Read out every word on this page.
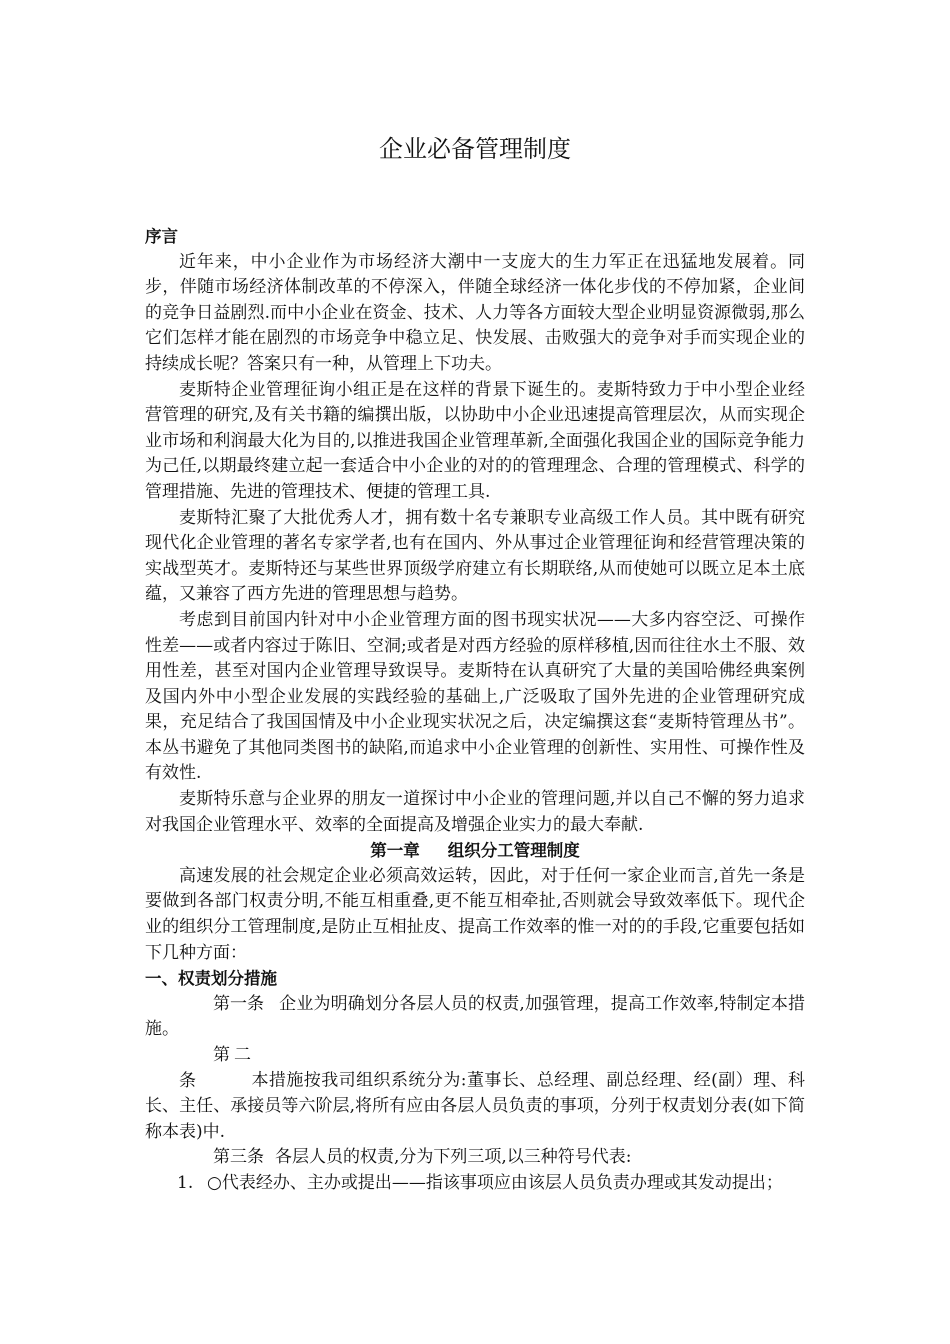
企业必备管理制度

序言

近年来，中小企业作为市场经济大潮中一支庞大的生力军正在迅猛地发展着。同步，伴随市场经济体制改革的不停深入，伴随全球经济一体化步伐的不停加紧，企业间的竞争日益剧烈.而中小企业在资金、技术、人力等各方面较大型企业明显资源微弱,那么它们怎样才能在剧烈的市场竞争中稳立足、快发展、击败强大的竞争对手而实现企业的持续成长呢？答案只有一种，从管理上下功夫。

麦斯特企业管理征询小组正是在这样的背景下诞生的。麦斯特致力于中小型企业经营管理的研究,及有关书籍的编撰出版，以协助中小企业迅速提高管理层次，从而实现企业市场和利润最大化为目的,以推进我国企业管理革新,全面强化我国企业的国际竞争能力为己任,以期最终建立起一套适合中小企业的对的的管理理念、合理的管理模式、科学的管理措施、先进的管理技术、便捷的管理工具.

麦斯特汇聚了大批优秀人才，拥有数十名专兼职专业高级工作人员。其中既有研究现代化企业管理的著名专家学者,也有在国内、外从事过企业管理征询和经营管理决策的实战型英才。麦斯特还与某些世界顶级学府建立有长期联络,从而使她可以既立足本土底蕴，又兼容了西方先进的管理思想与趋势。

考虑到目前国内针对中小企业管理方面的图书现实状况——大多内容空泛、可操作性差——或者内容过于陈旧、空洞;或者是对西方经验的原样移植,因而往往水土不服、效用性差，甚至对国内企业管理导致误导。麦斯特在认真研究了大量的美国哈佛经典案例及国内外中小型企业发展的实践经验的基础上,广泛吸取了国外先进的企业管理研究成果，充足结合了我国国情及中小企业现实状况之后，决定编撰这套“麦斯特管理丛书”。本丛书避免了其他同类图书的缺陷,而追求中小企业管理的创新性、实用性、可操作性及有效性.

麦斯特乐意与企业界的朋友一道探讨中小企业的管理问题,并以自己不懈的努力追求对我国企业管理水平、效率的全面提高及增强企业实力的最大奉献.

第一章 组织分工管理制度

高速发展的社会规定企业必须高效运转，因此，对于任何一家企业而言,首先一条是要做到各部门权责分明,不能互相重叠,更不能互相牵扯,否则就会导致效率低下。现代企业的组织分工管理制度,是防止互相扯皮、提高工作效率的惟一对的的手段,它重要包括如下几种方面：

一、权责划分措施

第一条 企业为明确划分各层人员的权责,加强管理，提高工作效率,特制定本措施。

第二条	本措施按我司组织系统分为:董事长、总经理、副总经理、经(副）理、科长、主任、承接员等六阶层,将所有应由各层人员负责的事项，分列于权责划分表(如下简称本表)中.

第三条 各层人员的权责,分为下列三项,以三种符号代表:

1. ○代表经办、主办或提出——指该事项应由该层人员负责办理或其发动提出；
